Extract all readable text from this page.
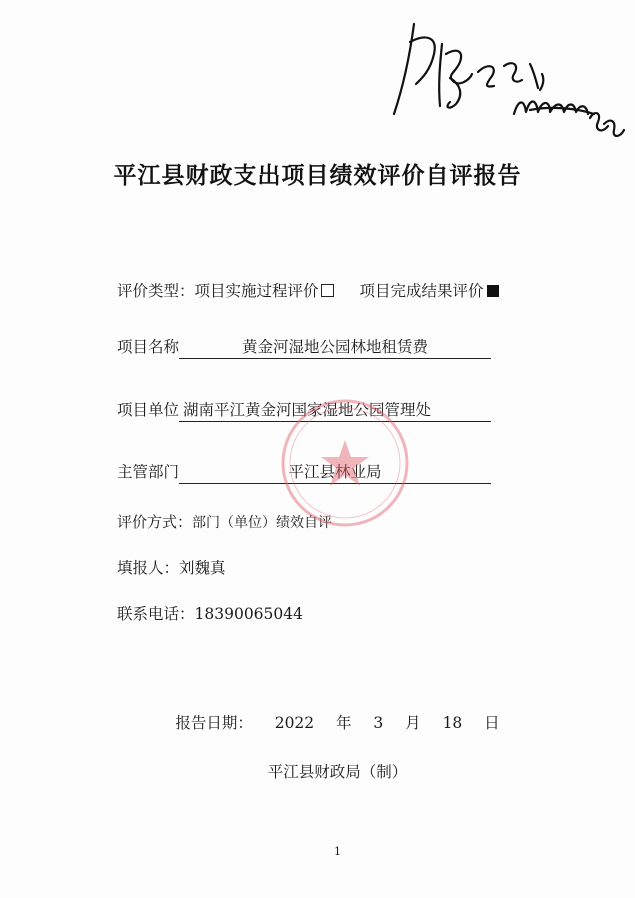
平江县财政支出项目绩效评价自评报告
评价类型：项目实施过程评价	项目完成结果评价
项目名称	黄金河湿地公园林地租赁费
项目单位 湖南平江黄金河国家湿地公园管理处
主管部门	平江县林业局
评价方式：部门（单位）绩效自评
填报人：刘魏真
联系电话：18390065044
报告日期： 2022 年 3 月 18 日
平江县财政局（制）
1
